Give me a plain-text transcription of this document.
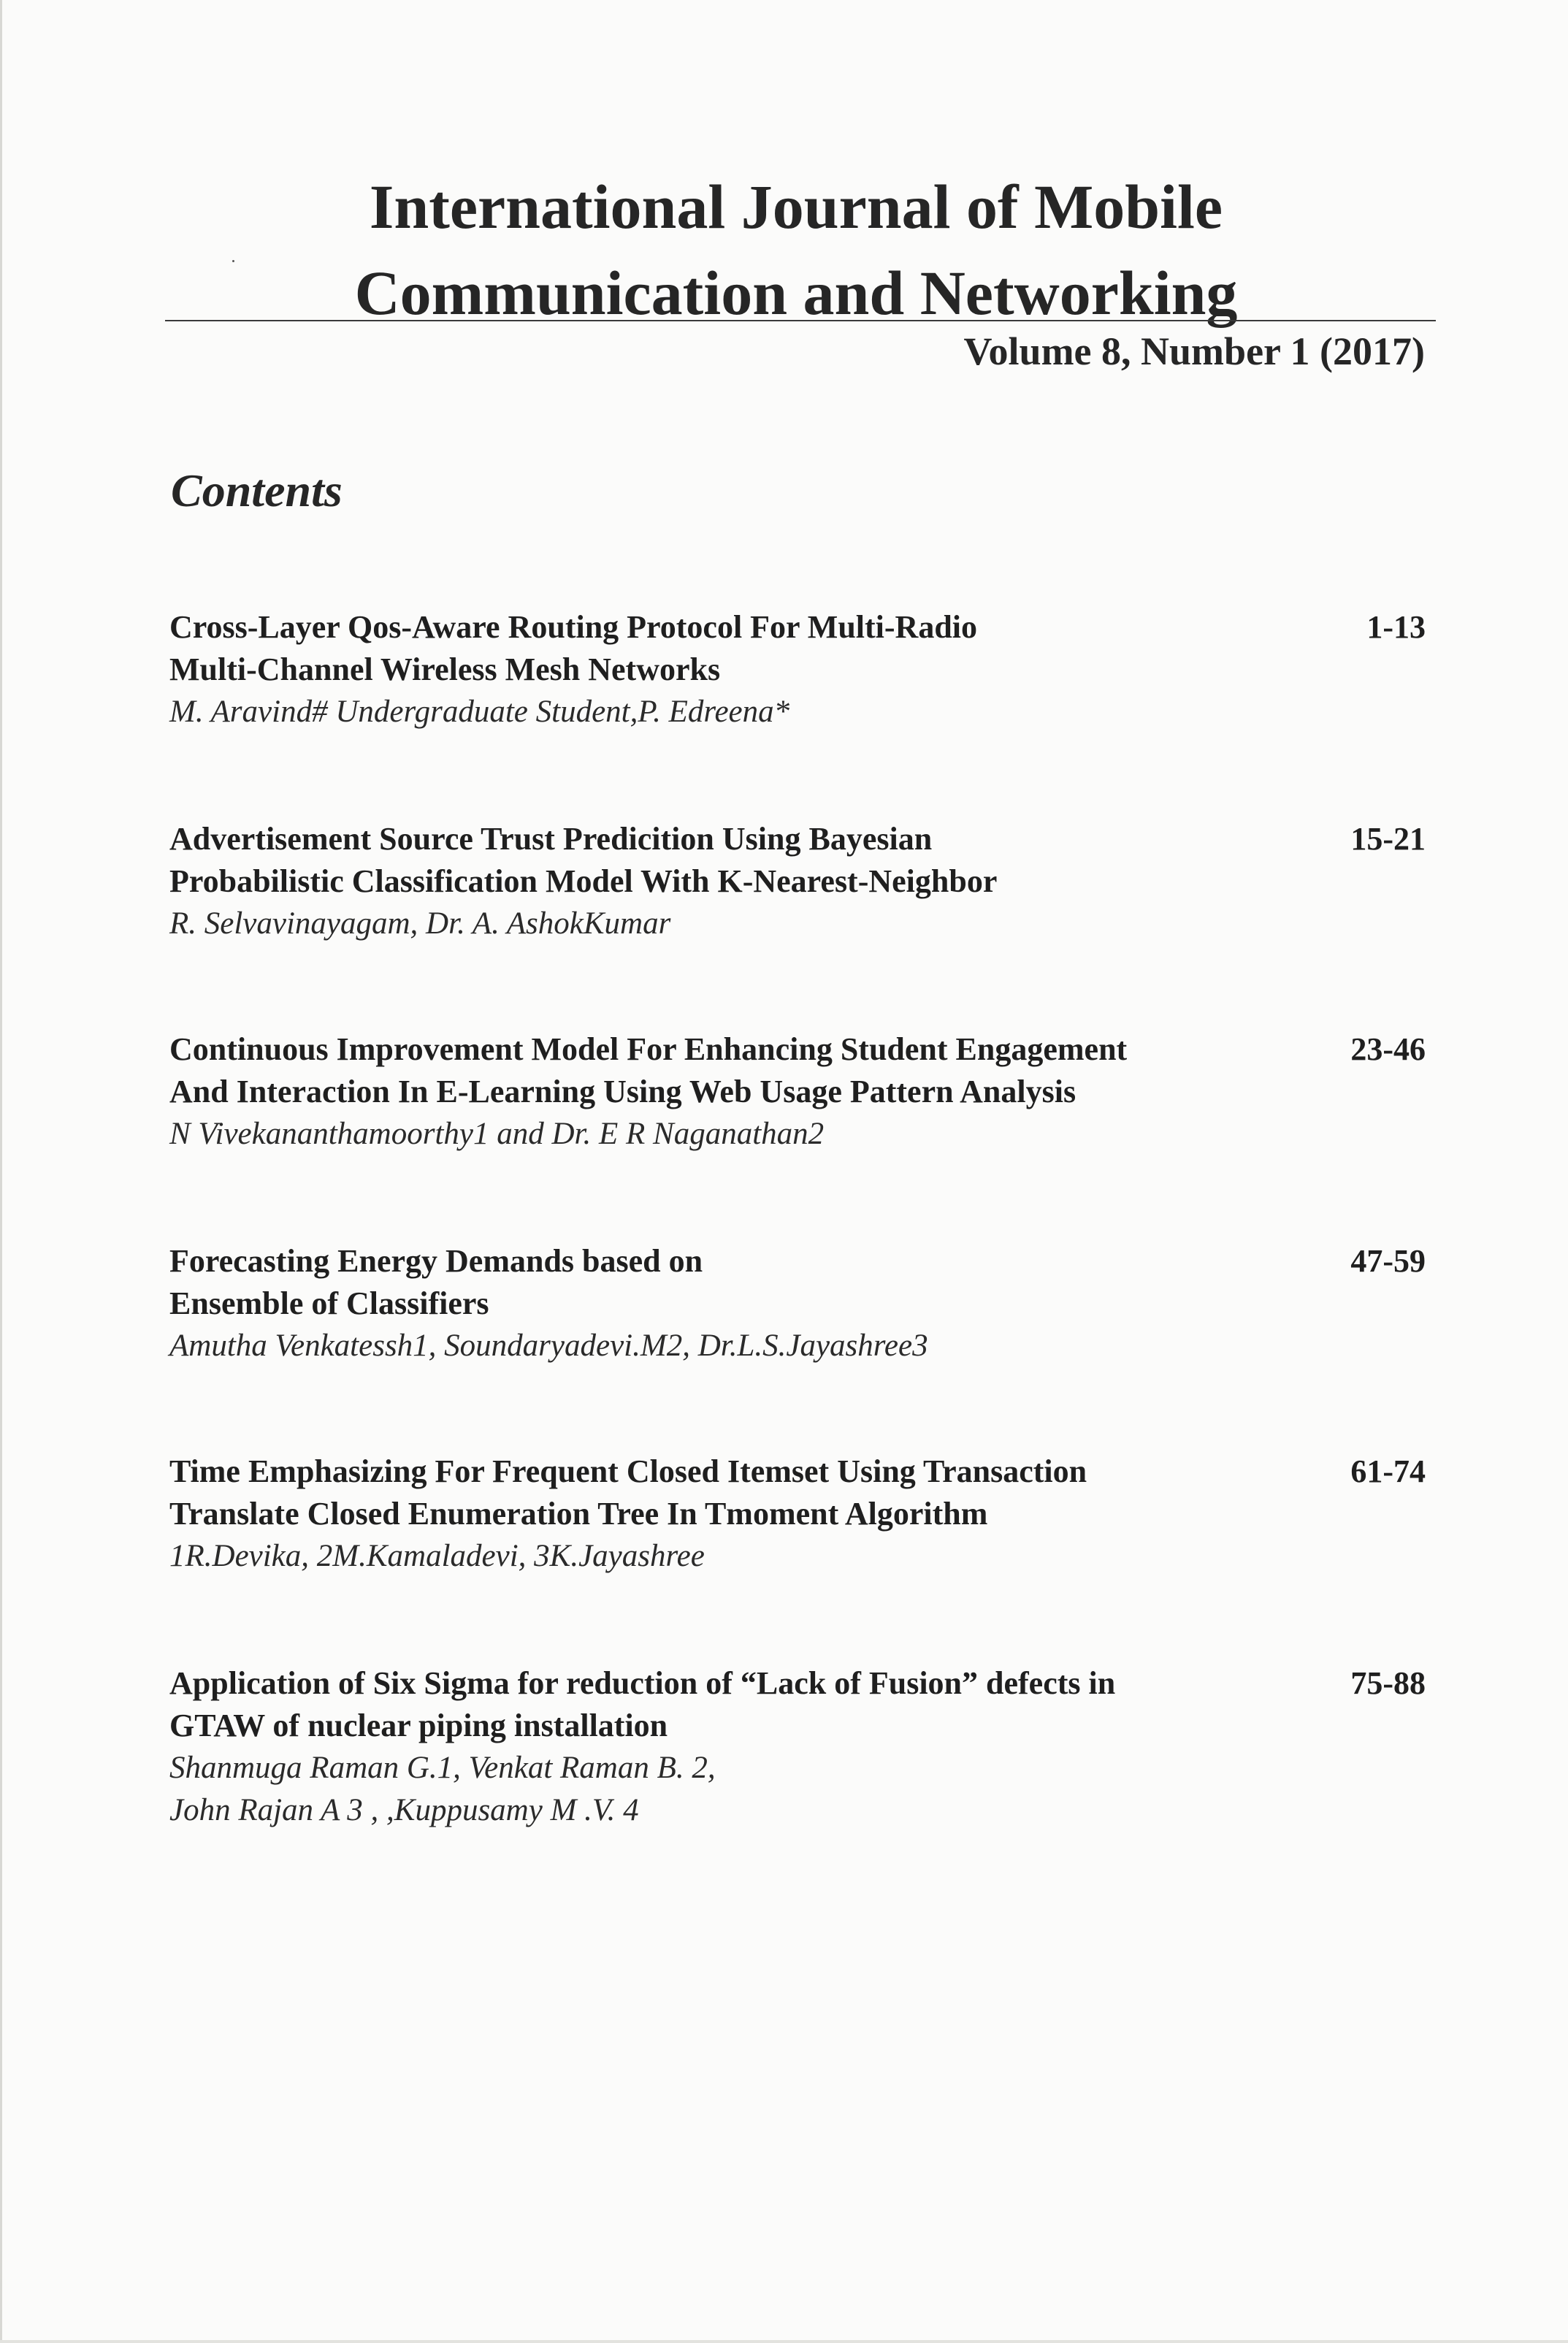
International Journal of Mobile
Communication and Networking
Volume 8, Number 1 (2017)
Contents
Cross-Layer Qos-Aware Routing Protocol For Multi-Radio
Multi-Channel Wireless Mesh Networks
M. Aravind# Undergraduate Student,P. Edreena*
1-13
Advertisement Source Trust Predicition Using Bayesian
Probabilistic Classification Model With K-Nearest-Neighbor
R. Selvavinayagam, Dr. A. AshokKumar
15-21
Continuous Improvement Model For Enhancing Student Engagement
And Interaction In E-Learning Using Web Usage Pattern Analysis
N Vivekananthamoorthy1 and Dr. E R Naganathan2
23-46
Forecasting Energy Demands based on
Ensemble of Classifiers
Amutha Venkatessh1, Soundaryadevi.M2, Dr.L.S.Jayashree3
47-59
Time Emphasizing For Frequent Closed Itemset Using Transaction
Translate Closed Enumeration Tree In Tmoment Algorithm
1R.Devika, 2M.Kamaladevi, 3K.Jayashree
61-74
Application of Six Sigma for reduction of “Lack of Fusion” defects in
GTAW of nuclear piping installation
Shanmuga Raman G.1, Venkat Raman B. 2,
John Rajan A 3 , ,Kuppusamy M .V. 4
75-88
